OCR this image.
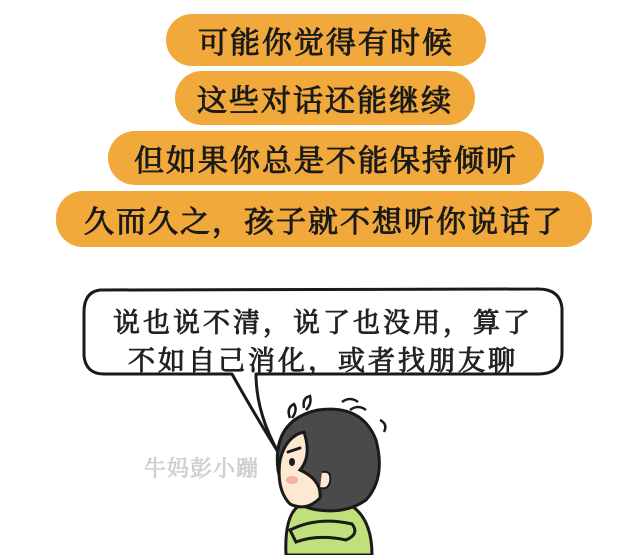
可能你觉得有时候
这些对话还能继续
但如果你总是不能保持倾听
久而久之，孩子就不想听你说话了
说也说不清，说了也没用，算了
不如自己消化，或者找朋友聊
牛妈彭小蹦
